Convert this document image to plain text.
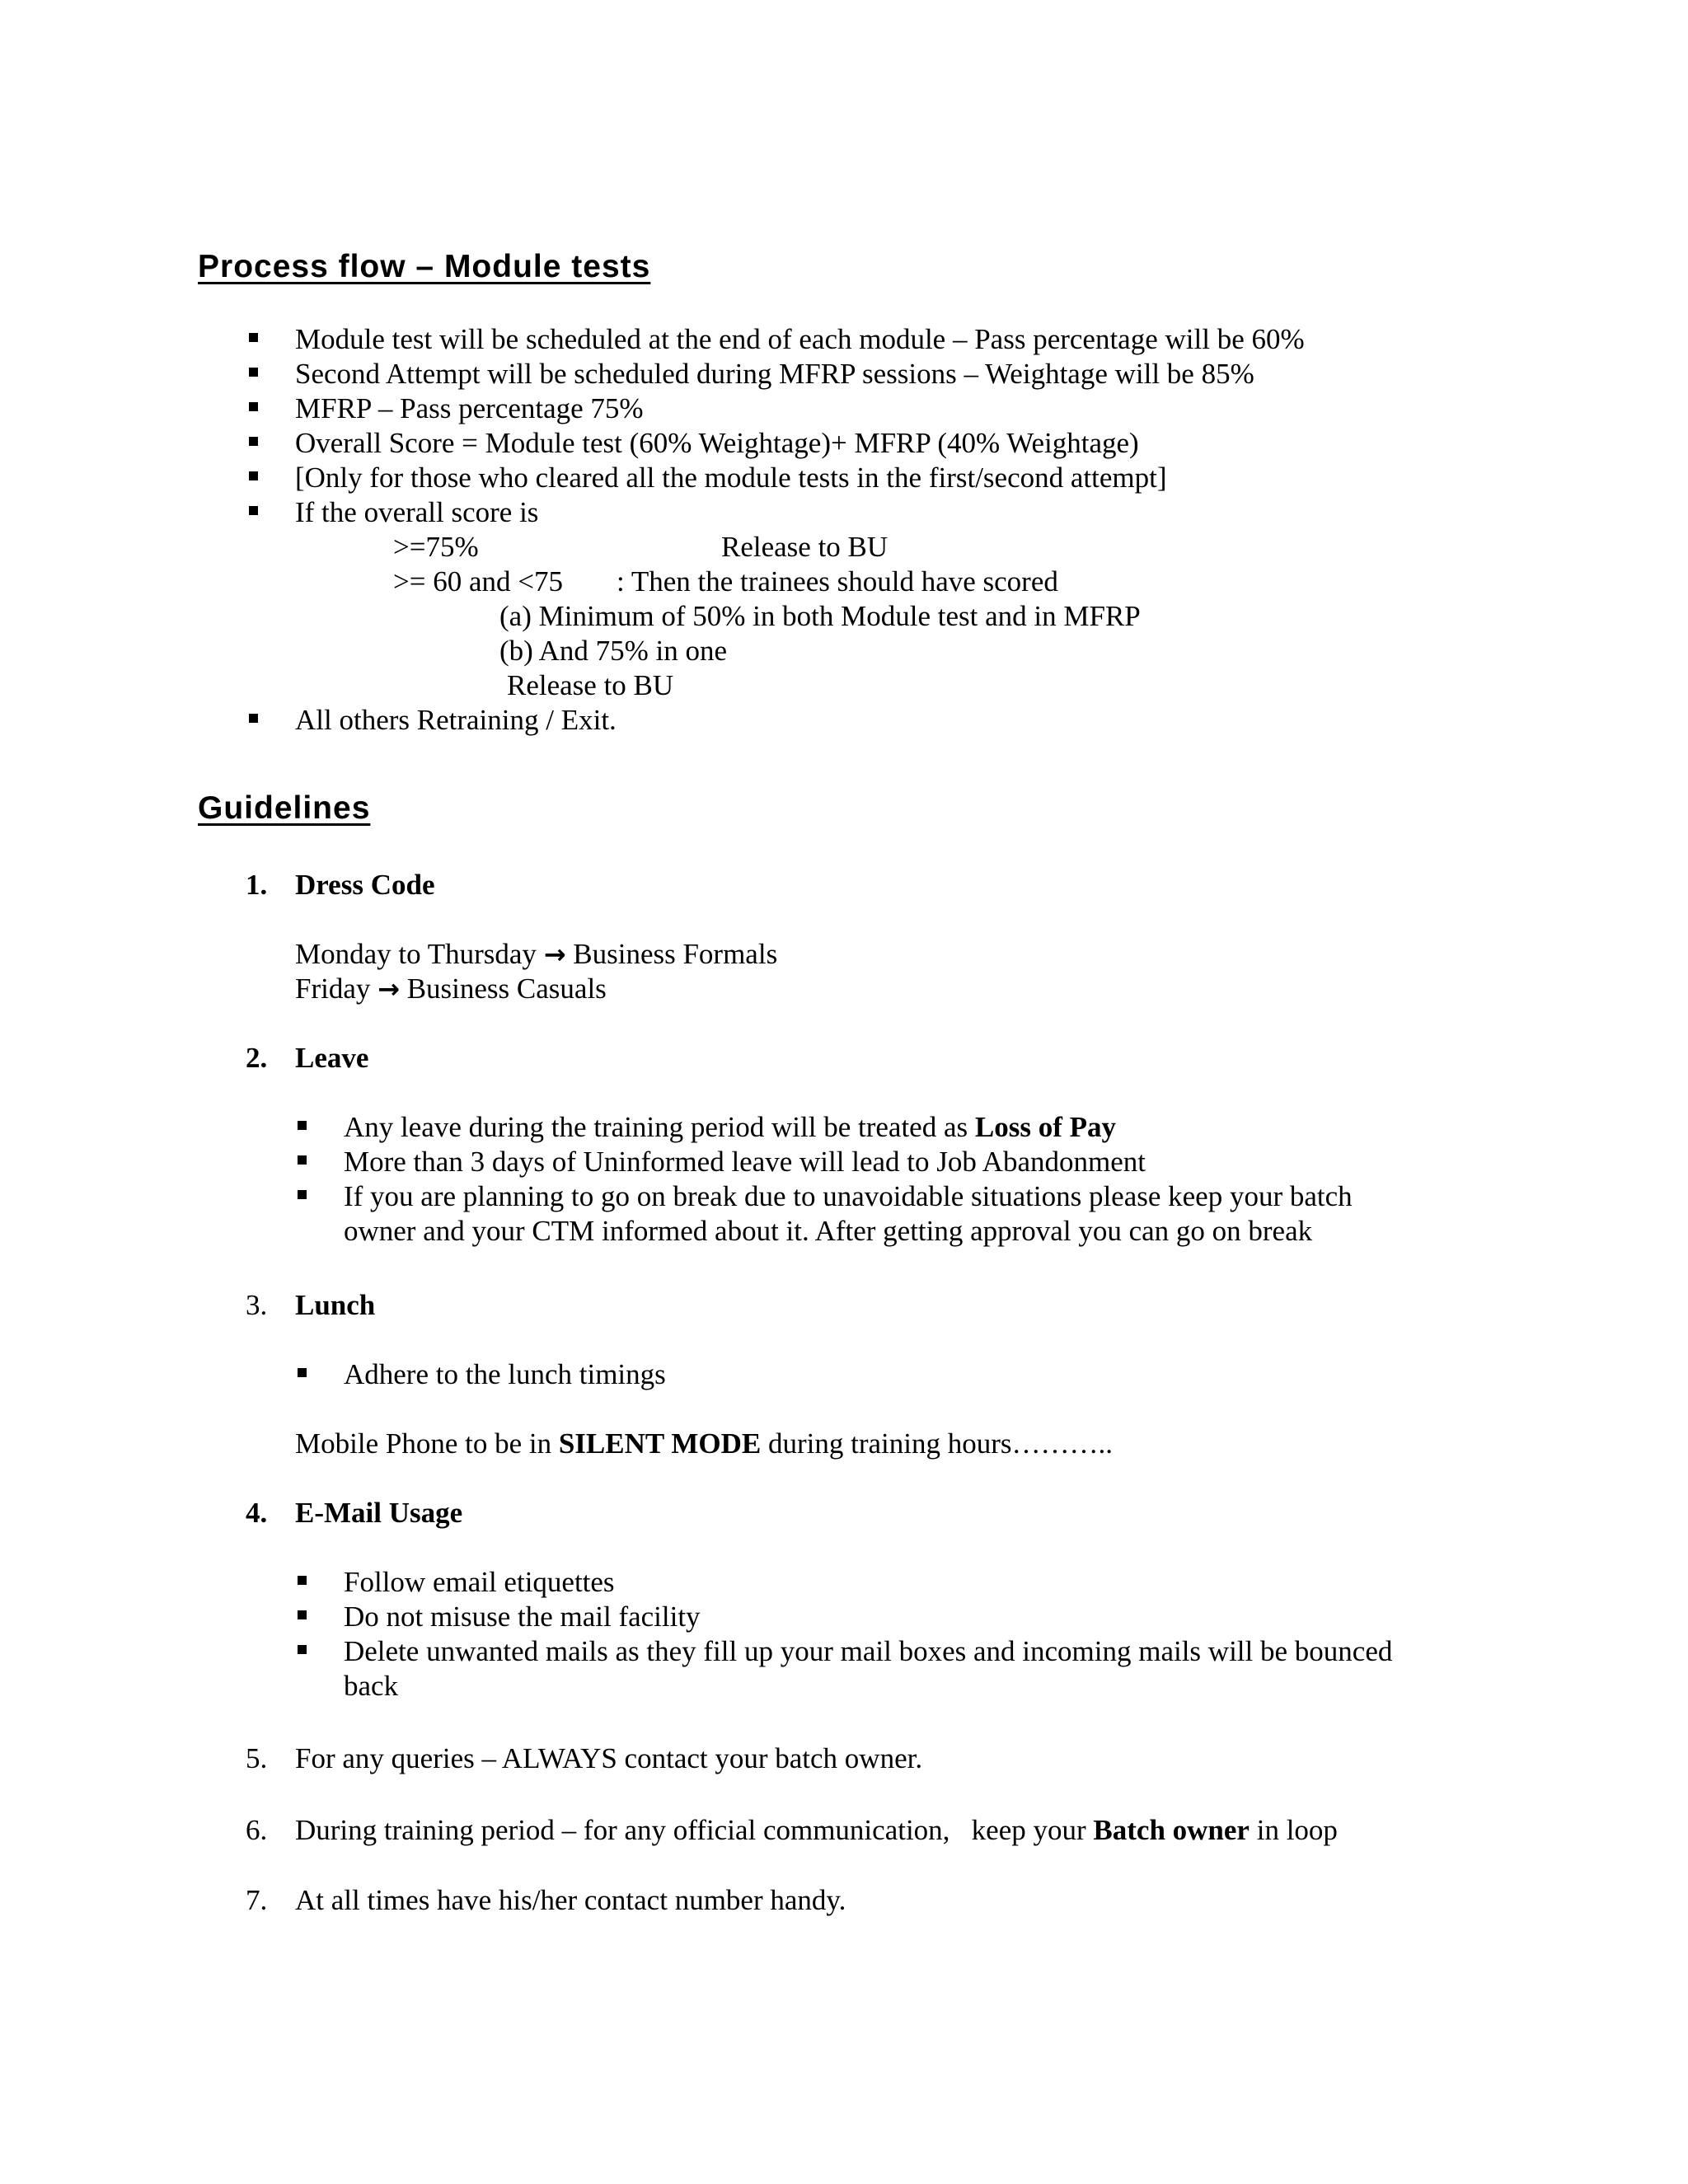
Process flow – Module tests
Module test will be scheduled at the end of each module – Pass percentage will be 60%
Second Attempt will be scheduled during MFRP sessions – Weightage will be 85%
MFRP – Pass percentage 75%
Overall Score = Module test (60% Weightage)+ MFRP (40% Weightage)
[Only for those who cleared all the module tests in the first/second attempt]
If the overall score is
>=75%	Release to BU
>= 60 and <75 : Then the trainees should have scored
(a) Minimum of 50% in both Module test and in MFRP
(b) And 75% in one
Release to BU
All others Retraining / Exit.
Guidelines
1. Dress Code
Monday to Thursday → Business Formals
Friday → Business Casuals
2. Leave
Any leave during the training period will be treated as Loss of Pay
More than 3 days of Uninformed leave will lead to Job Abandonment
If you are planning to go on break due to unavoidable situations please keep your batch
owner and your CTM informed about it. After getting approval you can go on break
3. Lunch
Adhere to the lunch timings
Mobile Phone to be in SILENT MODE during training hours………..
4. E-Mail Usage
Follow email etiquettes
Do not misuse the mail facility
Delete unwanted mails as they fill up your mail boxes and incoming mails will be bounced
back
5. For any queries – ALWAYS contact your batch owner.
6. During training period – for any official communication,   keep your Batch owner in loop
7. At all times have his/her contact number handy.
